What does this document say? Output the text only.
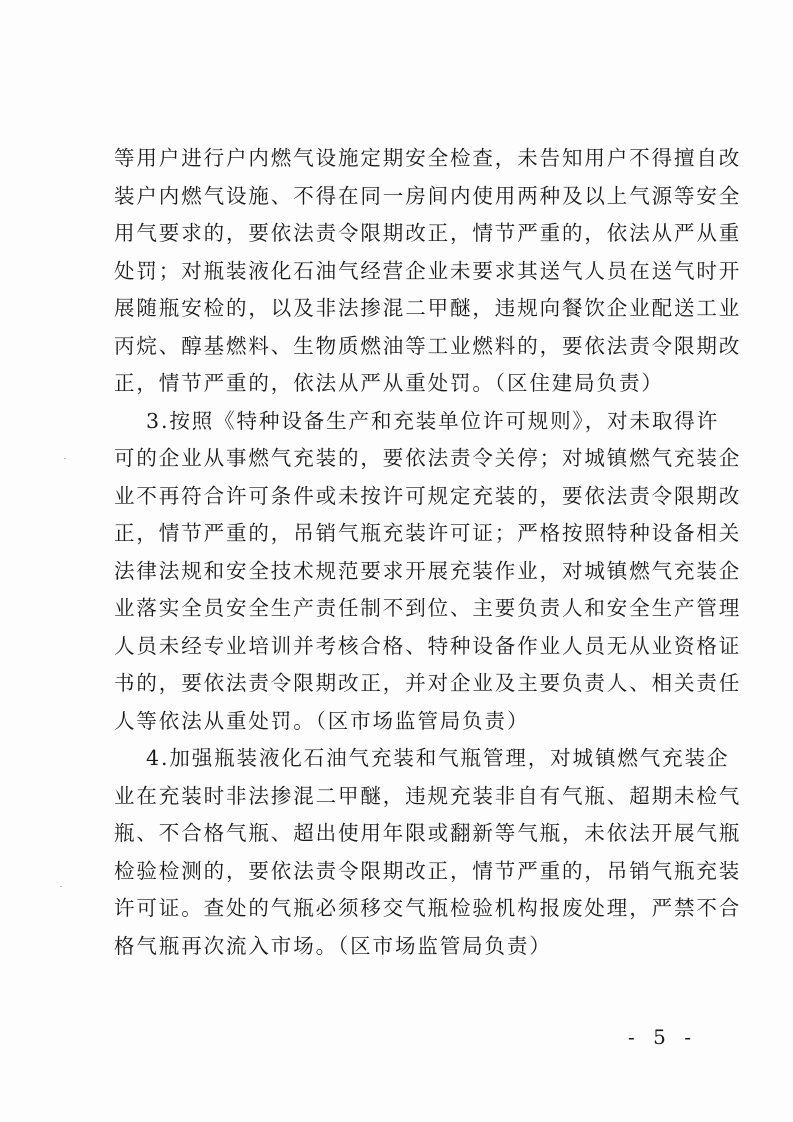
等用户进行户内燃气设施定期安全检查，未告知用户不得擅自改
装户内燃气设施、不得在同一房间内使用两种及以上气源等安全
用气要求的，要依法责令限期改正，情节严重的，依法从严从重
处罚；对瓶装液化石油气经营企业未要求其送气人员在送气时开
展随瓶安检的，以及非法掺混二甲醚，违规向餐饮企业配送工业
丙烷、醇基燃料、生物质燃油等工业燃料的，要依法责令限期改
正，情节严重的，依法从严从重处罚。（区住建局负责）
3.按照《特种设备生产和充装单位许可规则》，对未取得许
可的企业从事燃气充装的，要依法责令关停；对城镇燃气充装企
业不再符合许可条件或未按许可规定充装的，要依法责令限期改
正，情节严重的，吊销气瓶充装许可证；严格按照特种设备相关
法律法规和安全技术规范要求开展充装作业，对城镇燃气充装企
业落实全员安全生产责任制不到位、主要负责人和安全生产管理
人员未经专业培训并考核合格、特种设备作业人员无从业资格证
书的，要依法责令限期改正，并对企业及主要负责人、相关责任
人等依法从重处罚。（区市场监管局负责）
4.加强瓶装液化石油气充装和气瓶管理，对城镇燃气充装企
业在充装时非法掺混二甲醚，违规充装非自有气瓶、超期未检气
瓶、不合格气瓶、超出使用年限或翻新等气瓶，未依法开展气瓶
检验检测的，要依法责令限期改正，情节严重的，吊销气瓶充装
许可证。查处的气瓶必须移交气瓶检验机构报废处理，严禁不合
格气瓶再次流入市场。（区市场监管局负责）
- 5 -
